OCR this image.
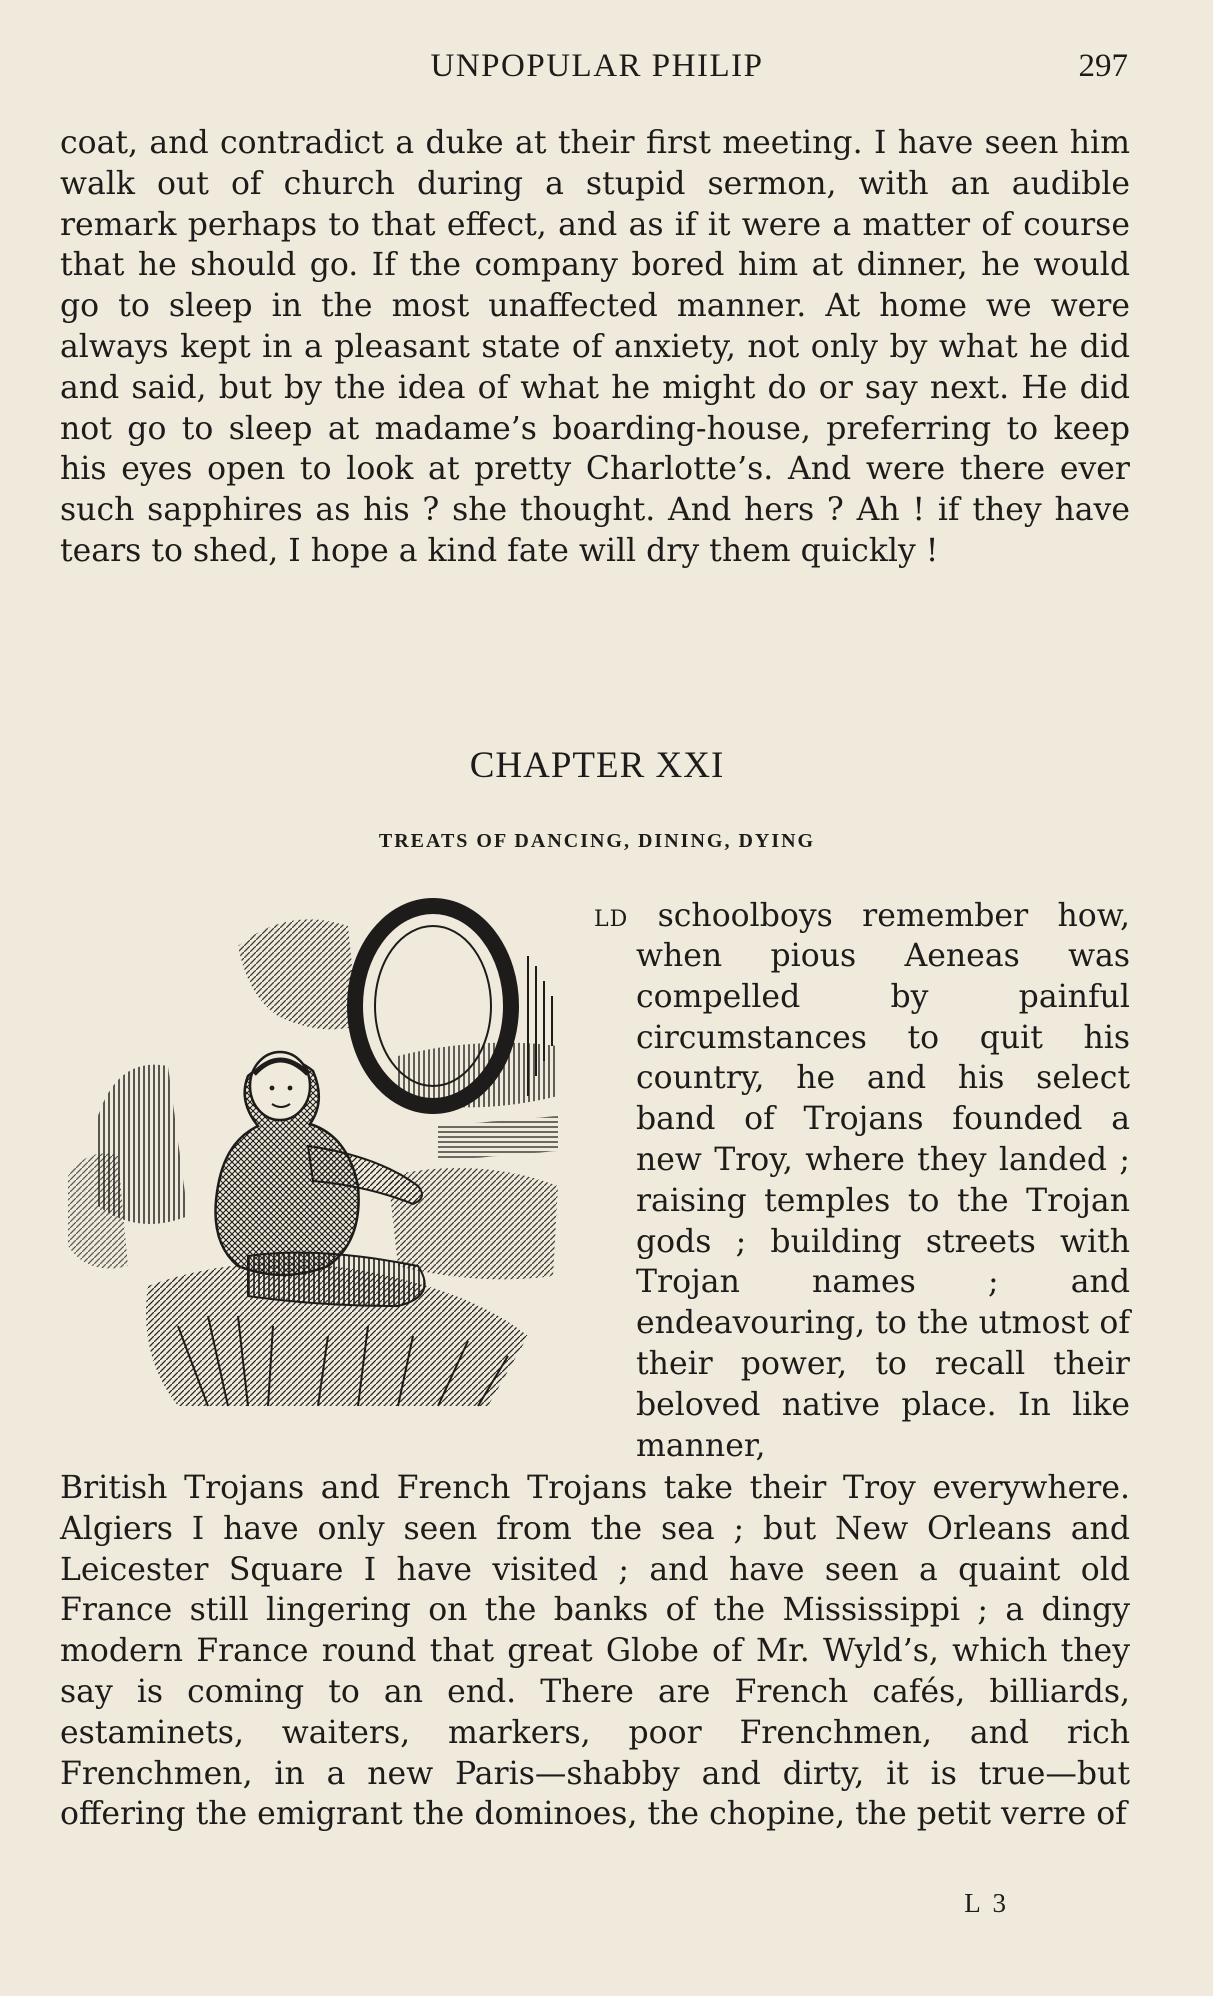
UNPOPULAR PHILIP	297

coat, and contradict a duke at their first meeting. I have seen him walk out of church during a stupid sermon, with an audible remark perhaps to that effect, and as if it were a matter of course that he should go. If the company bored him at dinner, he would go to sleep in the most unaffected manner. At home we were always kept in a pleasant state of anxiety, not only by what he did and said, but by the idea of what he might do or say next. He did not go to sleep at madame’s boarding-house, preferring to keep his eyes open to look at pretty Charlotte’s. And were there ever such sapphires as his ? she thought. And hers ? Ah ! if they have tears to shed, I hope a kind fate will dry them quickly !

CHAPTER XXI
TREATS OF DANCING, DINING, DYING
LD schoolboys remember how,

when pious Aeneas was compelled by painful circumstances to quit his country, he and his select band of Trojans founded a new Troy, where they landed ; raising temples to the Trojan gods ; building streets with Trojan names ; and endeavouring, to the utmost of their power, to recall their beloved native place. In like manner,

British Trojans and French Trojans take their Troy everywhere. Algiers I have only seen from the sea ; but New Orleans and Leicester Square I have visited ; and have seen a quaint old France still lingering on the banks of the Mississippi ; a dingy modern France round that great Globe of Mr. Wyld’s, which they say is coming to an end. There are French cafés, billiards, estaminets, waiters, markers, poor Frenchmen, and rich Frenchmen, in a new Paris—shabby and dirty, it is true—but offering the emigrant the dominoes, the chopine, the petit verre of

L 3
